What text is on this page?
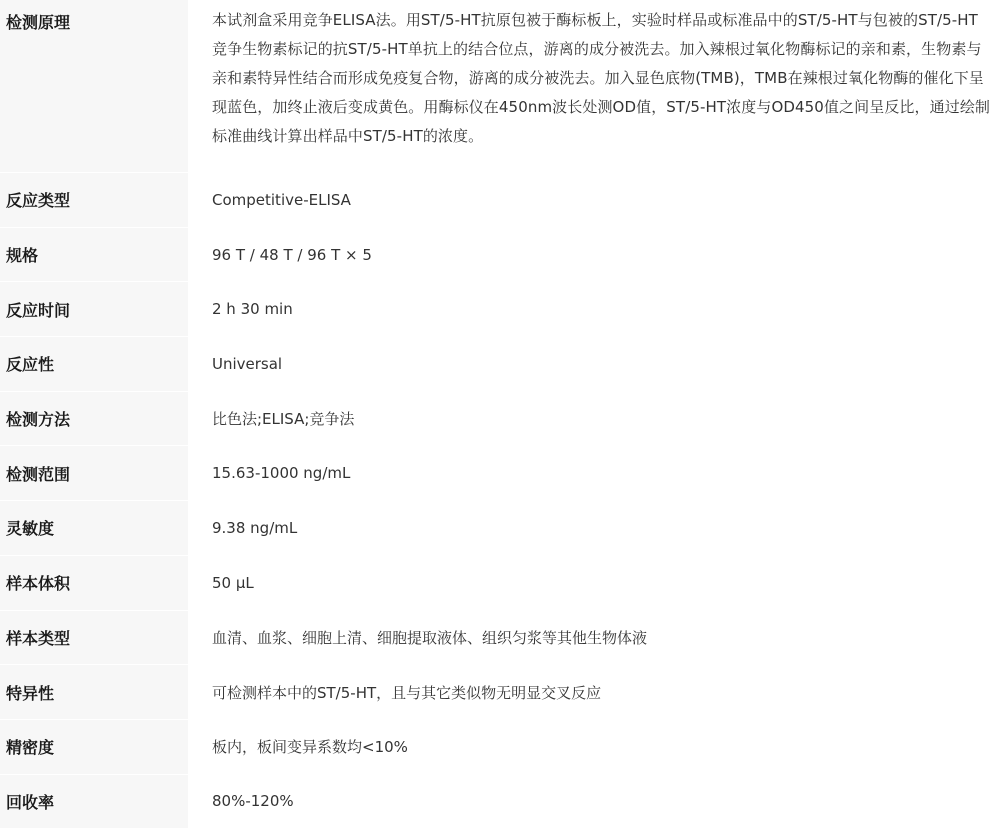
检测原理	本试剂盒采用竞争ELISA法。用ST/5-HT抗原包被于酶标板上，实验时样品或标准品中的ST/5-HT与包被的ST/5-HT竞争生物素标记的抗ST/5-HT单抗上的结合位点，游离的成分被洗去。加入辣根过氧化物酶标记的亲和素，生物素与亲和素特异性结合而形成免疫复合物，游离的成分被洗去。加入显色底物(TMB)，TMB在辣根过氧化物酶的催化下呈现蓝色，加终止液后变成黄色。用酶标仪在450nm波长处测OD值，ST/5-HT浓度与OD450值之间呈反比，通过绘制标准曲线计算出样品中ST/5-HT的浓度。
反应类型	Competitive-ELISA
规格	96 T / 48 T / 96 T × 5
反应时间	2 h 30 min
反应性	Universal
检测方法	比色法;ELISA;竞争法
检测范围	15.63-1000 ng/mL
灵敏度	9.38 ng/mL
样本体积	50 μL
样本类型	血清、血浆、细胞上清、细胞提取液体、组织匀浆等其他生物体液
特异性	可检测样本中的ST/5-HT，且与其它类似物无明显交叉反应
精密度	板内，板间变异系数均<10%
回收率	80%-120%
